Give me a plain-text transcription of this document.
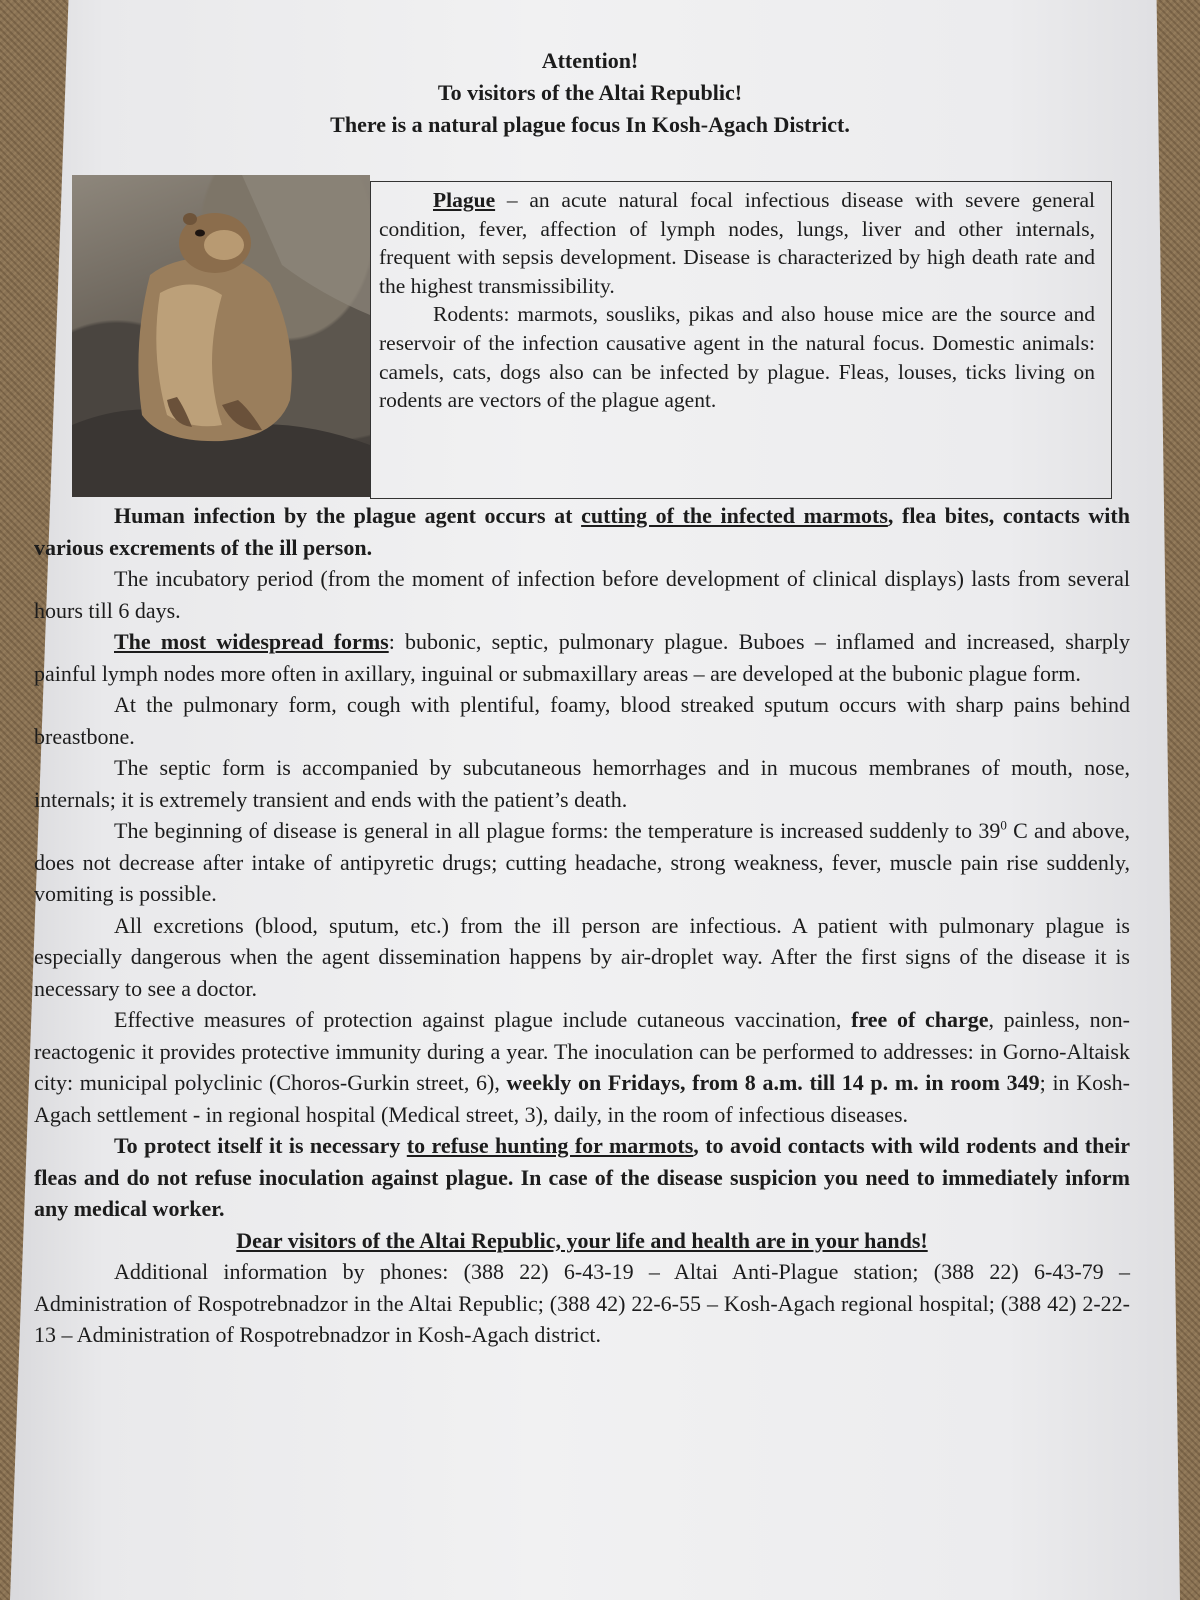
Attention!
To visitors of the Altai Republic!
There is a natural plague focus In Kosh-Agach District.

Plague – an acute natural focal infectious disease with severe general condition, fever, affection of lymph nodes, lungs, liver and other internals, frequent with sepsis development. Disease is characterized by high death rate and the highest transmissibility.

Rodents: marmots, sousliks, pikas and also house mice are the source and reservoir of the infection causative agent in the natural focus. Domestic animals: camels, cats, dogs also can be infected by plague. Fleas, louses, ticks living on rodents are vectors of the plague agent.

Human infection by the plague agent occurs at cutting of the infected marmots, flea bites, contacts with various excrements of the ill person.

The incubatory period (from the moment of infection before development of clinical displays) lasts from several hours till 6 days.

The most widespread forms: bubonic, septic, pulmonary plague. Buboes – inflamed and increased, sharply painful lymph nodes more often in axillary, inguinal or submaxillary areas – are developed at the bubonic plague form.

At the pulmonary form, cough with plentiful, foamy, blood streaked sputum occurs with sharp pains behind breastbone.

The septic form is accompanied by subcutaneous hemorrhages and in mucous membranes of mouth, nose, internals; it is extremely transient and ends with the patient’s death.

The beginning of disease is general in all plague forms: the temperature is increased suddenly to $39^0$ C and above, does not decrease after intake of antipyretic drugs; cutting headache, strong weakness, fever, muscle pain rise suddenly, vomiting is possible.

All excretions (blood, sputum, etc.) from the ill person are infectious. A patient with pulmonary plague is especially dangerous when the agent dissemination happens by air-droplet way. After the first signs of the disease it is necessary to see a doctor.

Effective measures of protection against plague include cutaneous vaccination, free of charge, painless, non-reactogenic it provides protective immunity during a year. The inoculation can be performed to addresses: in Gorno-Altaisk city: municipal polyclinic (Choros-Gurkin street, 6), weekly on Fridays, from 8 a.m. till 14 p. m. in room 349; in Kosh-Agach settlement - in regional hospital (Medical street, 3), daily, in the room of infectious diseases.

To protect itself it is necessary to refuse hunting for marmots, to avoid contacts with wild rodents and their fleas and do not refuse inoculation against plague. In case of the disease suspicion you need to immediately inform any medical worker.

Dear visitors of the Altai Republic, your life and health are in your hands!

Additional information by phones: (388 22) 6-43-19 – Altai Anti-Plague station; (388 22) 6-43-79 – Administration of Rospotrebnadzor in the Altai Republic; (388 42) 22-6-55 – Kosh-Agach regional hospital; (388 42) 2-22-13 – Administration of Rospotrebnadzor in Kosh-Agach district.
